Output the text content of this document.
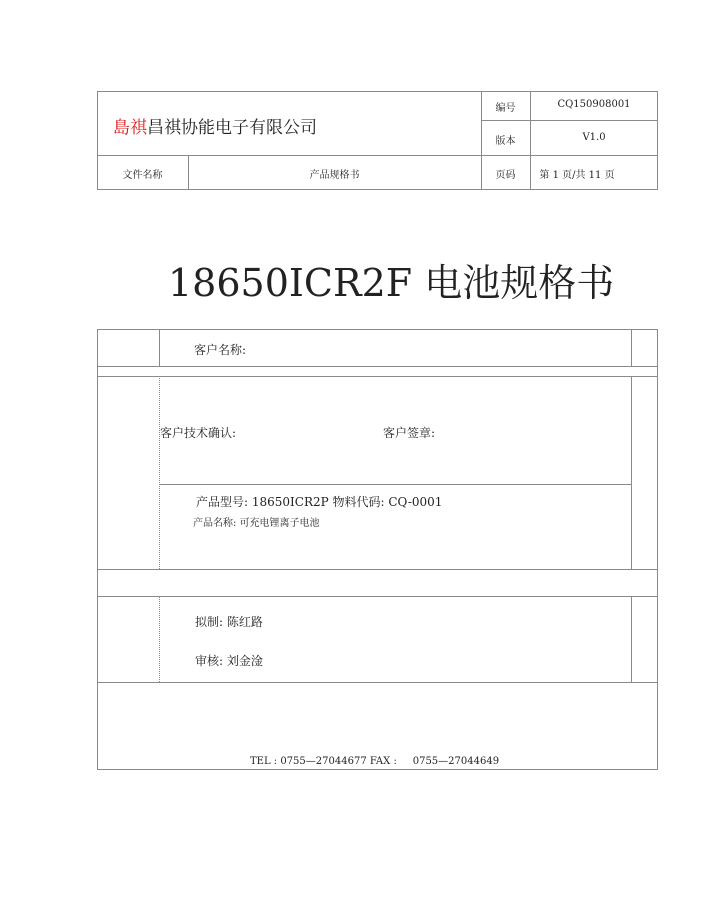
島祺昌祺协能电子有限公司
编号	CQ150908001
版本	V1.0
文件名称	产品规格书	页码	第 1 页/共 11 页
18650ICR2F 电池规格书
客户名称:
客户技术确认:	客户签章:
产品型号: 18650ICR2P 物料代码: CQ-0001
产品名称: 可充电锂离子电池
拟制: 陈红路
审核: 刘金淦
TEL : 0755—27044677 FAX :     0755—27044649
